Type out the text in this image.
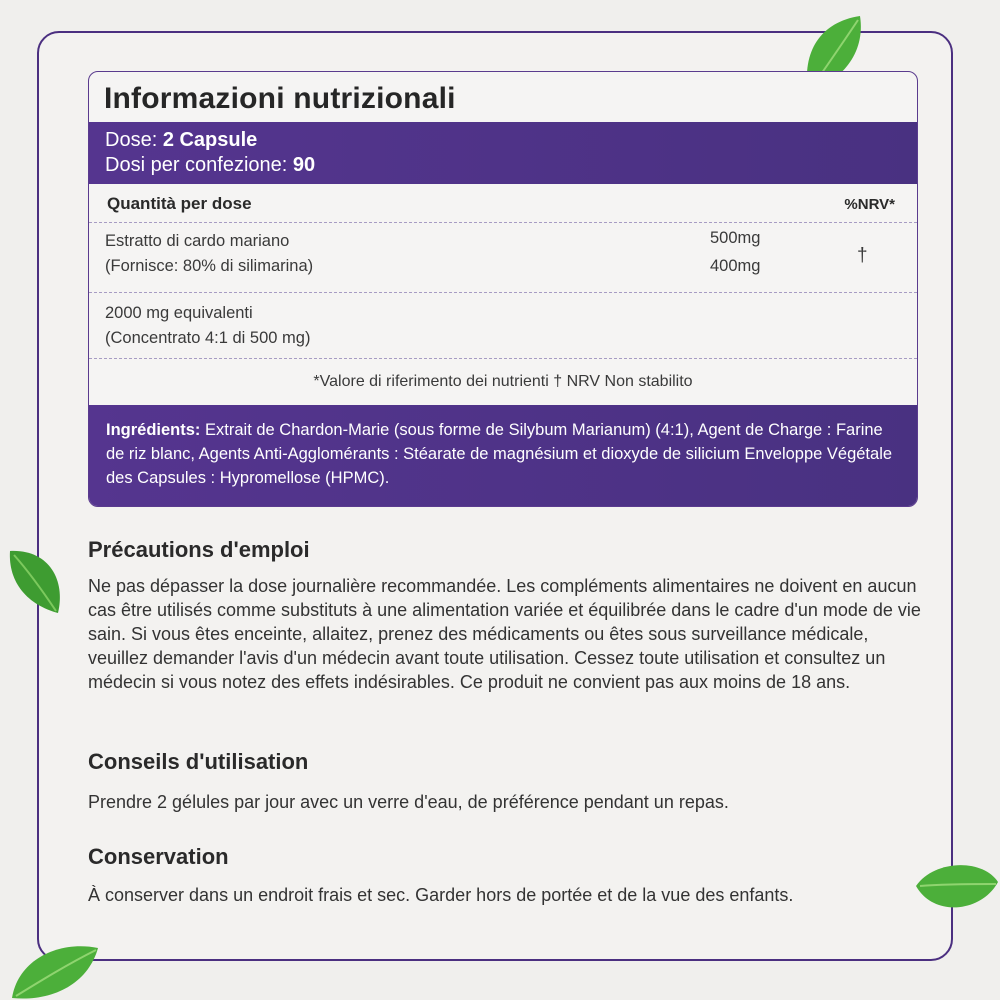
Informazioni nutrizionali
Dose: 2 Capsule
Dosi per confezione: 90
Quantità per dose	%NRV*
Estratto di cardo mariano
(Fornisce: 80% di silimarina)
500mg
400mg	†
2000 mg equivalenti
(Concentrato 4:1 di 500 mg)
*Valore di riferimento dei nutrienti † NRV Non stabilito
Ingrédients: Extrait de Chardon-Marie (sous forme de Silybum Marianum) (4:1), Agent de Charge : Farine de riz blanc, Agents Anti-Agglomérants : Stéarate de magnésium et dioxyde de silicium Enveloppe Végétale des Capsules : Hypromellose (HPMC).
Précautions d'emploi

Ne pas dépasser la dose journalière recommandée. Les compléments alimentaires ne doivent en aucun cas être utilisés comme substituts à une alimentation variée et équilibrée dans le cadre d'un mode de vie sain. Si vous êtes enceinte, allaitez, prenez des médicaments ou êtes sous surveillance médicale, veuillez demander l'avis d'un médecin avant toute utilisation. Cessez toute utilisation et consultez un médecin si vous notez des effets indésirables. Ce produit ne convient pas aux moins de 18 ans.

Conseils d'utilisation

Prendre 2 gélules par jour avec un verre d'eau, de préférence pendant un repas.

Conservation

À conserver dans un endroit frais et sec. Garder hors de portée et de la vue des enfants.
